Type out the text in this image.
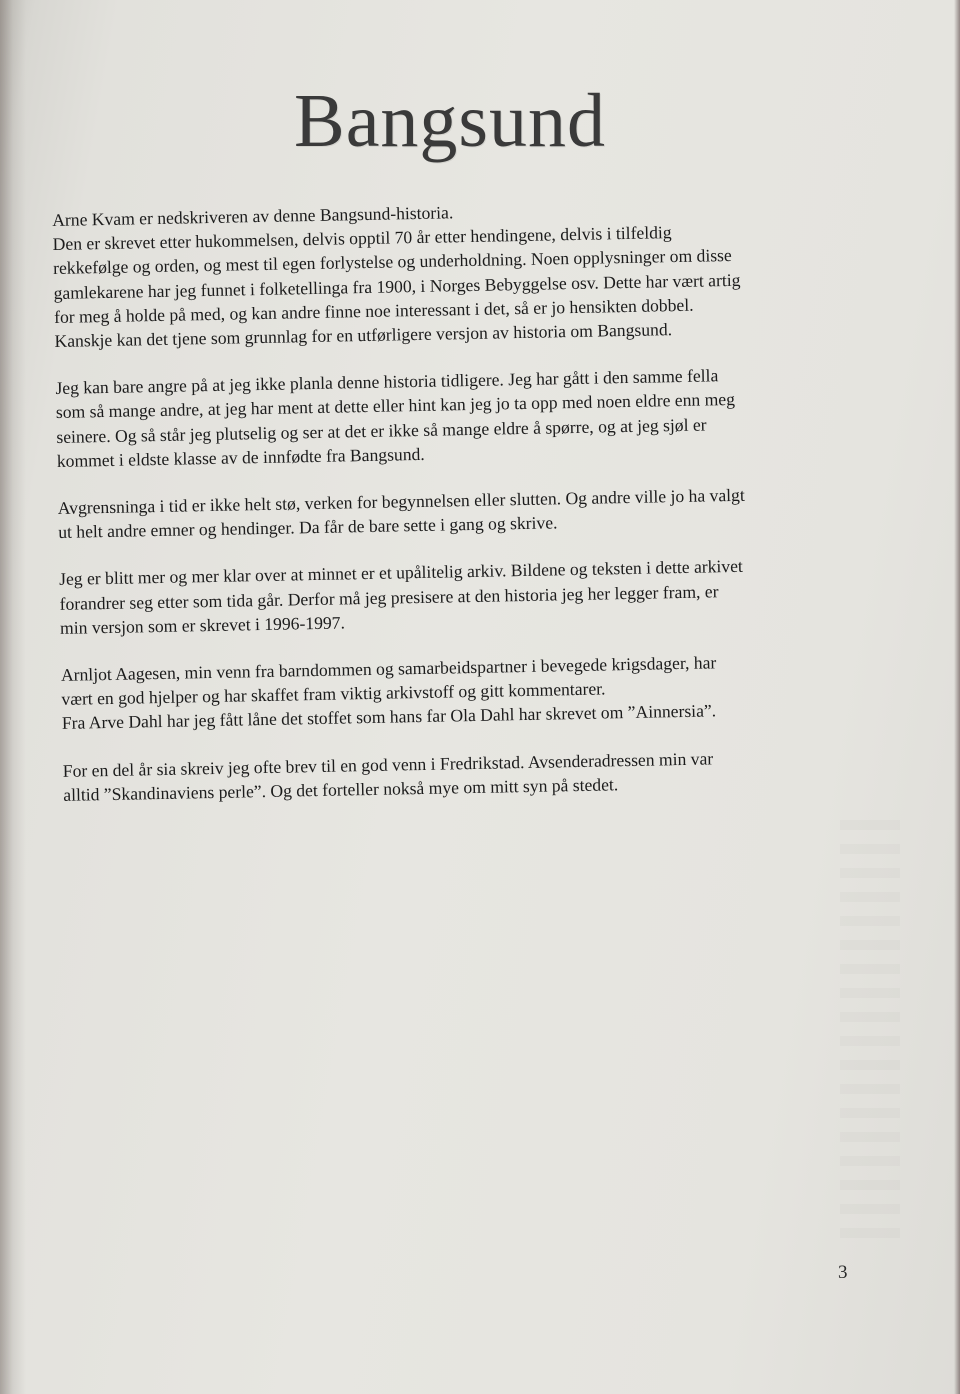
Bangsund

Arne Kvam er nedskriveren av denne Bangsund-historia.
Den er skrevet etter hukommelsen, delvis opptil 70 år etter hendingene, delvis i tilfeldig
rekkefølge og orden, og mest til egen forlystelse og underholdning. Noen opplysninger om disse
gamlekarene har jeg funnet i folketellinga fra 1900, i Norges Bebyggelse osv. Dette har vært artig
for meg å holde på med, og kan andre finne noe interessant i det, så er jo hensikten dobbel.
Kanskje kan det tjene som grunnlag for en utførligere versjon av historia om Bangsund.

Jeg kan bare angre på at jeg ikke planla denne historia tidligere. Jeg har gått i den samme fella
som så mange andre, at jeg har ment at dette eller hint kan jeg jo ta opp med noen eldre enn meg
seinere. Og så står jeg plutselig og ser at det er ikke så mange eldre å spørre, og at jeg sjøl er
kommet i eldste klasse av de innfødte fra Bangsund.

Avgrensninga i tid er ikke helt stø, verken for begynnelsen eller slutten. Og andre ville jo ha valgt
ut helt andre emner og hendinger. Da får de bare sette i gang og skrive.

Jeg er blitt mer og mer klar over at minnet er et upålitelig arkiv. Bildene og teksten i dette arkivet
forandrer seg etter som tida går. Derfor må jeg presisere at den historia jeg her legger fram, er
min versjon som er skrevet i 1996-1997.

Arnljot Aagesen, min venn fra barndommen og samarbeidspartner i bevegede krigsdager, har
vært en god hjelper og har skaffet fram viktig arkivstoff og gitt kommentarer.
Fra Arve Dahl har jeg fått låne det stoffet som hans far Ola Dahl har skrevet om ”Ainnersia”.

For en del år sia skreiv jeg ofte brev til en god venn i Fredrikstad. Avsenderadressen min var
alltid ”Skandinaviens perle”. Og det forteller nokså mye om mitt syn på stedet.

3
